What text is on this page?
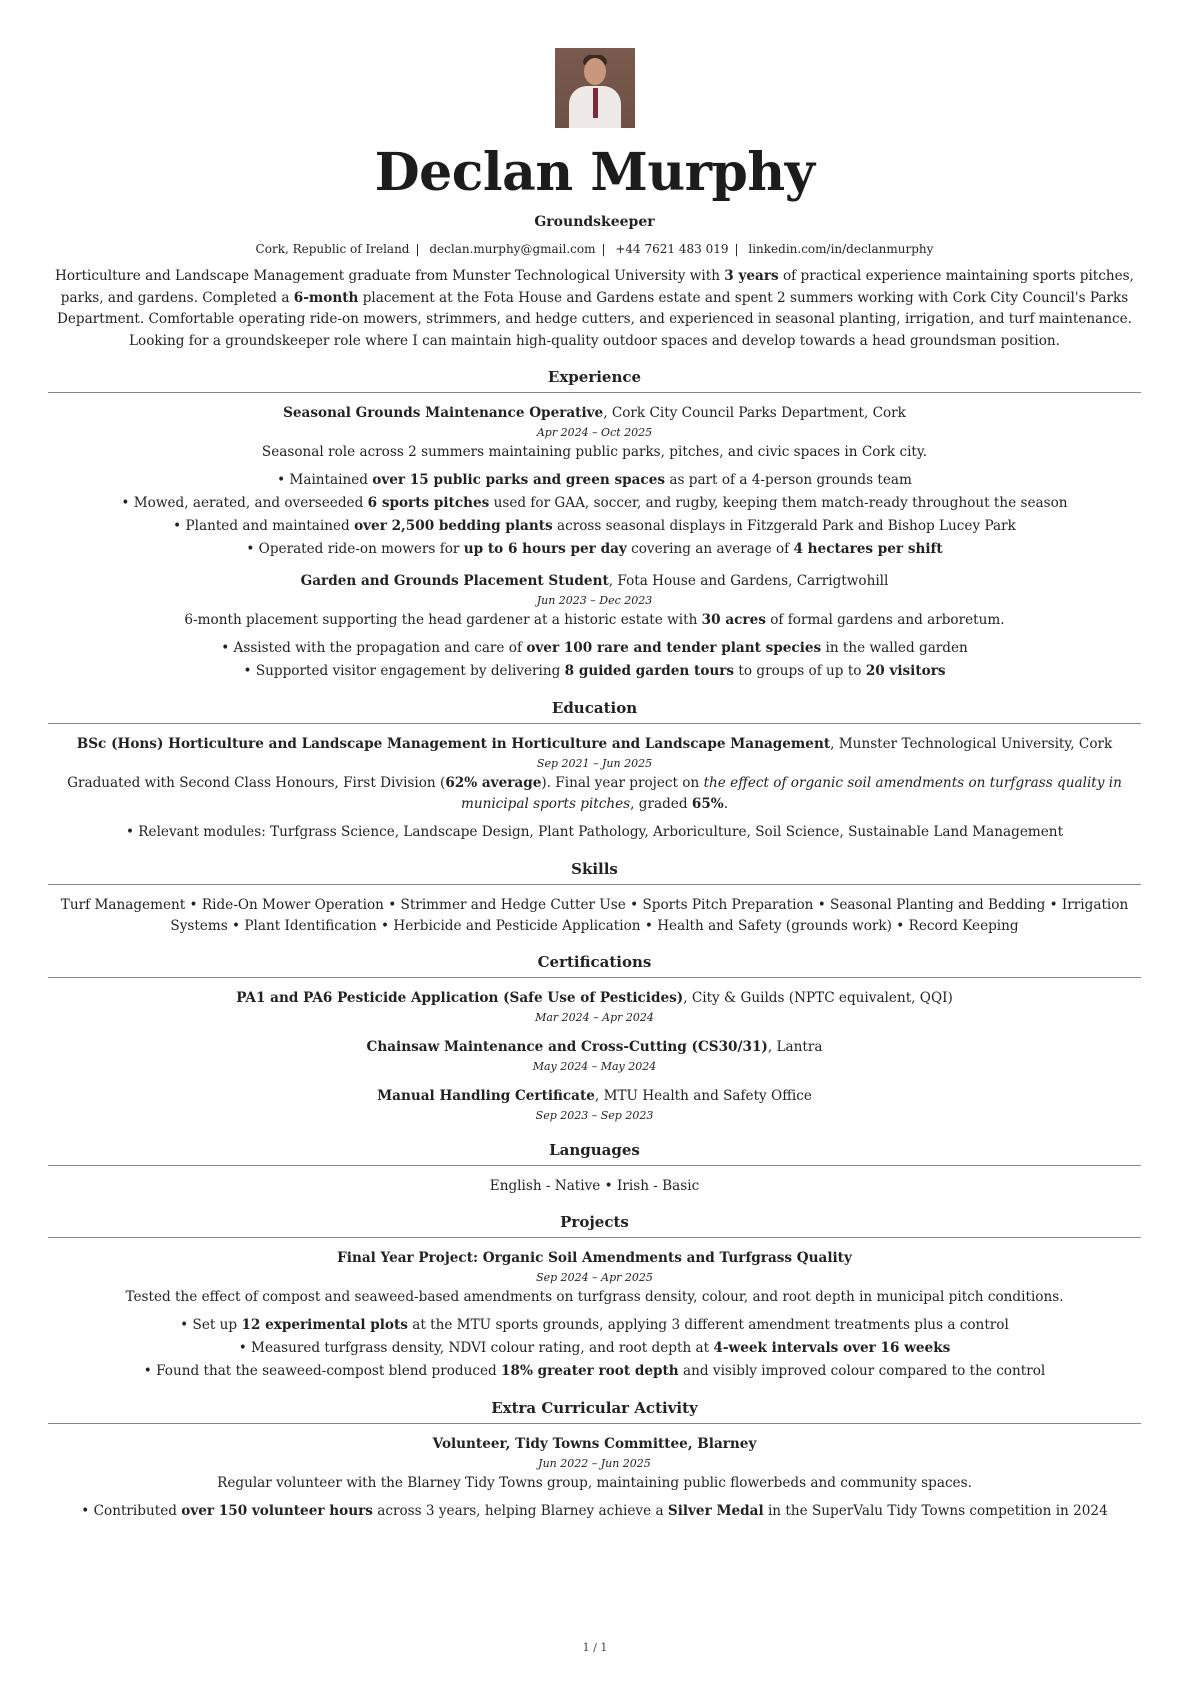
Declan Murphy
Groundskeeper
Cork, Republic of Ireland | declan.murphy@gmail.com | +44 7621 483 019 | linkedin.com/in/declanmurphy
Horticulture and Landscape Management graduate from Munster Technological University with 3 years of practical experience maintaining sports pitches, parks, and gardens. Completed a 6-month placement at the Fota House and Gardens estate and spent 2 summers working with Cork City Council's Parks Department. Comfortable operating ride-on mowers, strimmers, and hedge cutters, and experienced in seasonal planting, irrigation, and turf maintenance. Looking for a groundskeeper role where I can maintain high-quality outdoor spaces and develop towards a head groundsman position.
Experience
Seasonal Grounds Maintenance Operative, Cork City Council Parks Department, Cork
Apr 2024 – Oct 2025
Seasonal role across 2 summers maintaining public parks, pitches, and civic spaces in Cork city.
• Maintained over 15 public parks and green spaces as part of a 4-person grounds team
• Mowed, aerated, and overseeded 6 sports pitches used for GAA, soccer, and rugby, keeping them match-ready throughout the season
• Planted and maintained over 2,500 bedding plants across seasonal displays in Fitzgerald Park and Bishop Lucey Park
• Operated ride-on mowers for up to 6 hours per day covering an average of 4 hectares per shift
Garden and Grounds Placement Student, Fota House and Gardens, Carrigtwohill
Jun 2023 – Dec 2023
6-month placement supporting the head gardener at a historic estate with 30 acres of formal gardens and arboretum.
• Assisted with the propagation and care of over 100 rare and tender plant species in the walled garden
• Supported visitor engagement by delivering 8 guided garden tours to groups of up to 20 visitors
Education
BSc (Hons) Horticulture and Landscape Management in Horticulture and Landscape Management, Munster Technological University, Cork
Sep 2021 – Jun 2025
Graduated with Second Class Honours, First Division (62% average). Final year project on the effect of organic soil amendments on turfgrass quality in municipal sports pitches, graded 65%.
• Relevant modules: Turfgrass Science, Landscape Design, Plant Pathology, Arboriculture, Soil Science, Sustainable Land Management
Skills
Turf Management • Ride-On Mower Operation • Strimmer and Hedge Cutter Use • Sports Pitch Preparation • Seasonal Planting and Bedding • Irrigation Systems • Plant Identification • Herbicide and Pesticide Application • Health and Safety (grounds work) • Record Keeping
Certifications
PA1 and PA6 Pesticide Application (Safe Use of Pesticides), City & Guilds (NPTC equivalent, QQI)
Mar 2024 – Apr 2024
Chainsaw Maintenance and Cross-Cutting (CS30/31), Lantra
May 2024 – May 2024
Manual Handling Certificate, MTU Health and Safety Office
Sep 2023 – Sep 2023
Languages
English - Native • Irish - Basic
Projects
Final Year Project: Organic Soil Amendments and Turfgrass Quality
Sep 2024 – Apr 2025
Tested the effect of compost and seaweed-based amendments on turfgrass density, colour, and root depth in municipal pitch conditions.
• Set up 12 experimental plots at the MTU sports grounds, applying 3 different amendment treatments plus a control
• Measured turfgrass density, NDVI colour rating, and root depth at 4-week intervals over 16 weeks
• Found that the seaweed-compost blend produced 18% greater root depth and visibly improved colour compared to the control
Extra Curricular Activity
Volunteer, Tidy Towns Committee, Blarney
Jun 2022 – Jun 2025
Regular volunteer with the Blarney Tidy Towns group, maintaining public flowerbeds and community spaces.
• Contributed over 150 volunteer hours across 3 years, helping Blarney achieve a Silver Medal in the SuperValu Tidy Towns competition in 2024
1 / 1
